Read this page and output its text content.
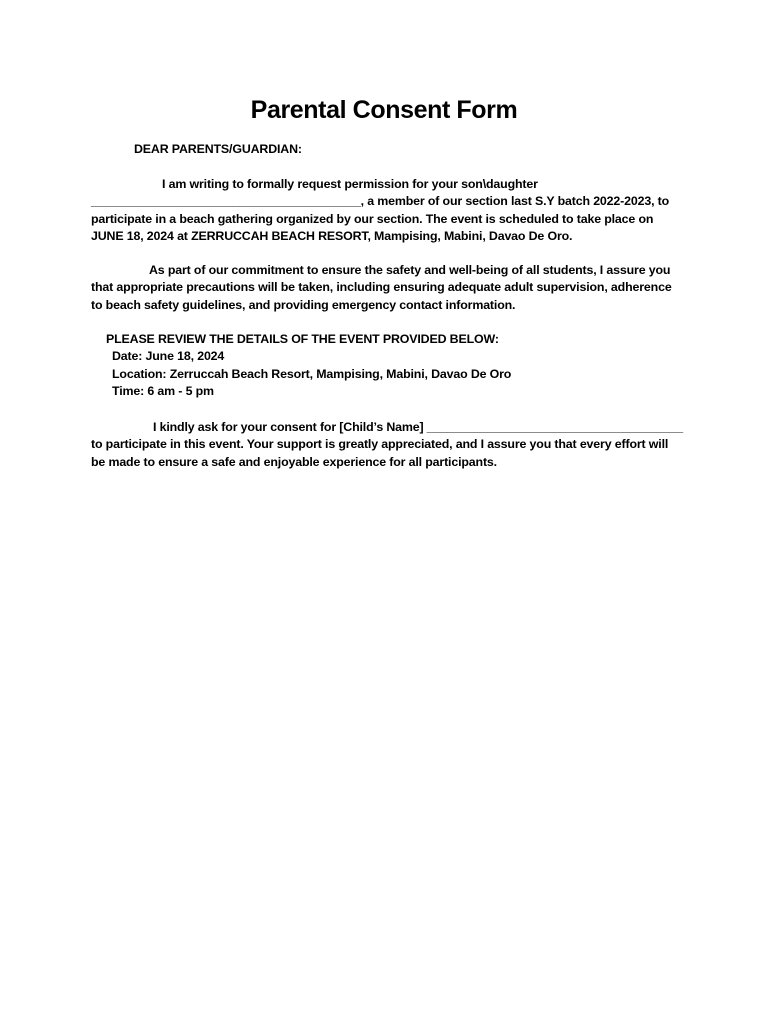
Parental Consent Form

DEAR PARENTS/GUARDIAN:

I am writing to formally request permission for your son\daughter
________________________________________, a member of our section last S.Y batch 2022-2023, to
participate in a beach gathering organized by our section. The event is scheduled to take place on
JUNE 18, 2024 at ZERRUCCAH BEACH RESORT, Mampising, Mabini, Davao De Oro.

As part of our commitment to ensure the safety and well-being of all students, I assure you
that appropriate precautions will be taken, including ensuring adequate adult supervision, adherence
to beach safety guidelines, and providing emergency contact information.

PLEASE REVIEW THE DETAILS OF THE EVENT PROVIDED BELOW:
Date: June 18, 2024
Location: Zerruccah Beach Resort, Mampising, Mabini, Davao De Oro
Time: 6 am - 5 pm

I kindly ask for your consent for [Child’s Name] ______________________________________
to participate in this event. Your support is greatly appreciated, and I assure you that every effort will
be made to ensure a safe and enjoyable experience for all participants.
